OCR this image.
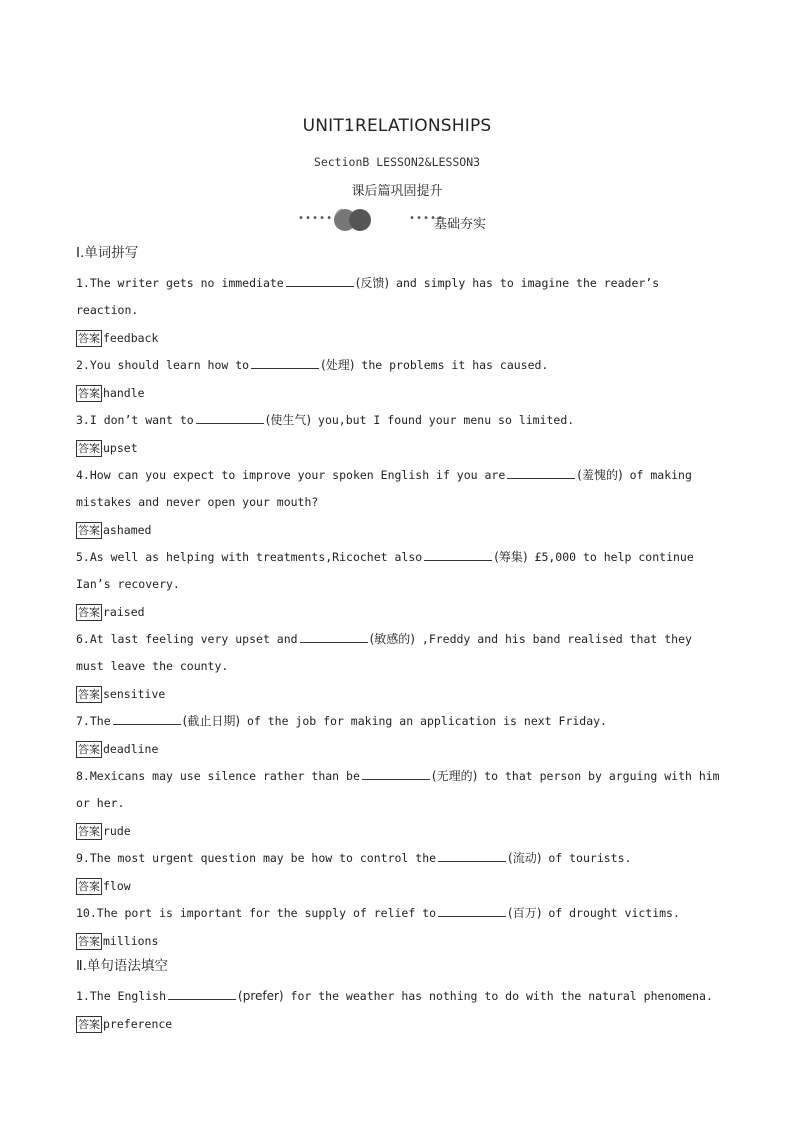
UNIT1RELATIONSHIPS
SectionB LESSON2&LESSON3
课后篇巩固提升
•••••	•••••
基础夯实
Ⅰ.单词拼写
1.The writer gets no immediate	(反馈) and simply has to imagine the reader’s reaction.
答案 feedback
2.You should learn how to	(处理) the problems it has caused.
答案 handle
3.I don’t want to	(使生气) you,but I found your menu so limited.
答案 upset
4.How can you expect to improve your spoken English if you are	(羞愧的) of making mistakes and never open your mouth?
答案 ashamed
5.As well as helping with treatments,Ricochet also	(筹集) £5,000 to help continue Ian’s recovery.
答案 raised
6.At last feeling very upset and	(敏感的) ,Freddy and his band realised that they must leave the county.
答案 sensitive
7.The	(截止日期) of the job for making an application is next Friday.
答案 deadline
8.Mexicans may use silence rather than be	(无理的) to that person by arguing with him or her.
答案 rude
9.The most urgent question may be how to control the	(流动) of tourists.
答案 flow
10.The port is important for the supply of relief to	(百万) of drought victims.
答案 millions
Ⅱ.单句语法填空
1.The English	(prefer) for the weather has nothing to do with the natural phenomena.
答案 preference
